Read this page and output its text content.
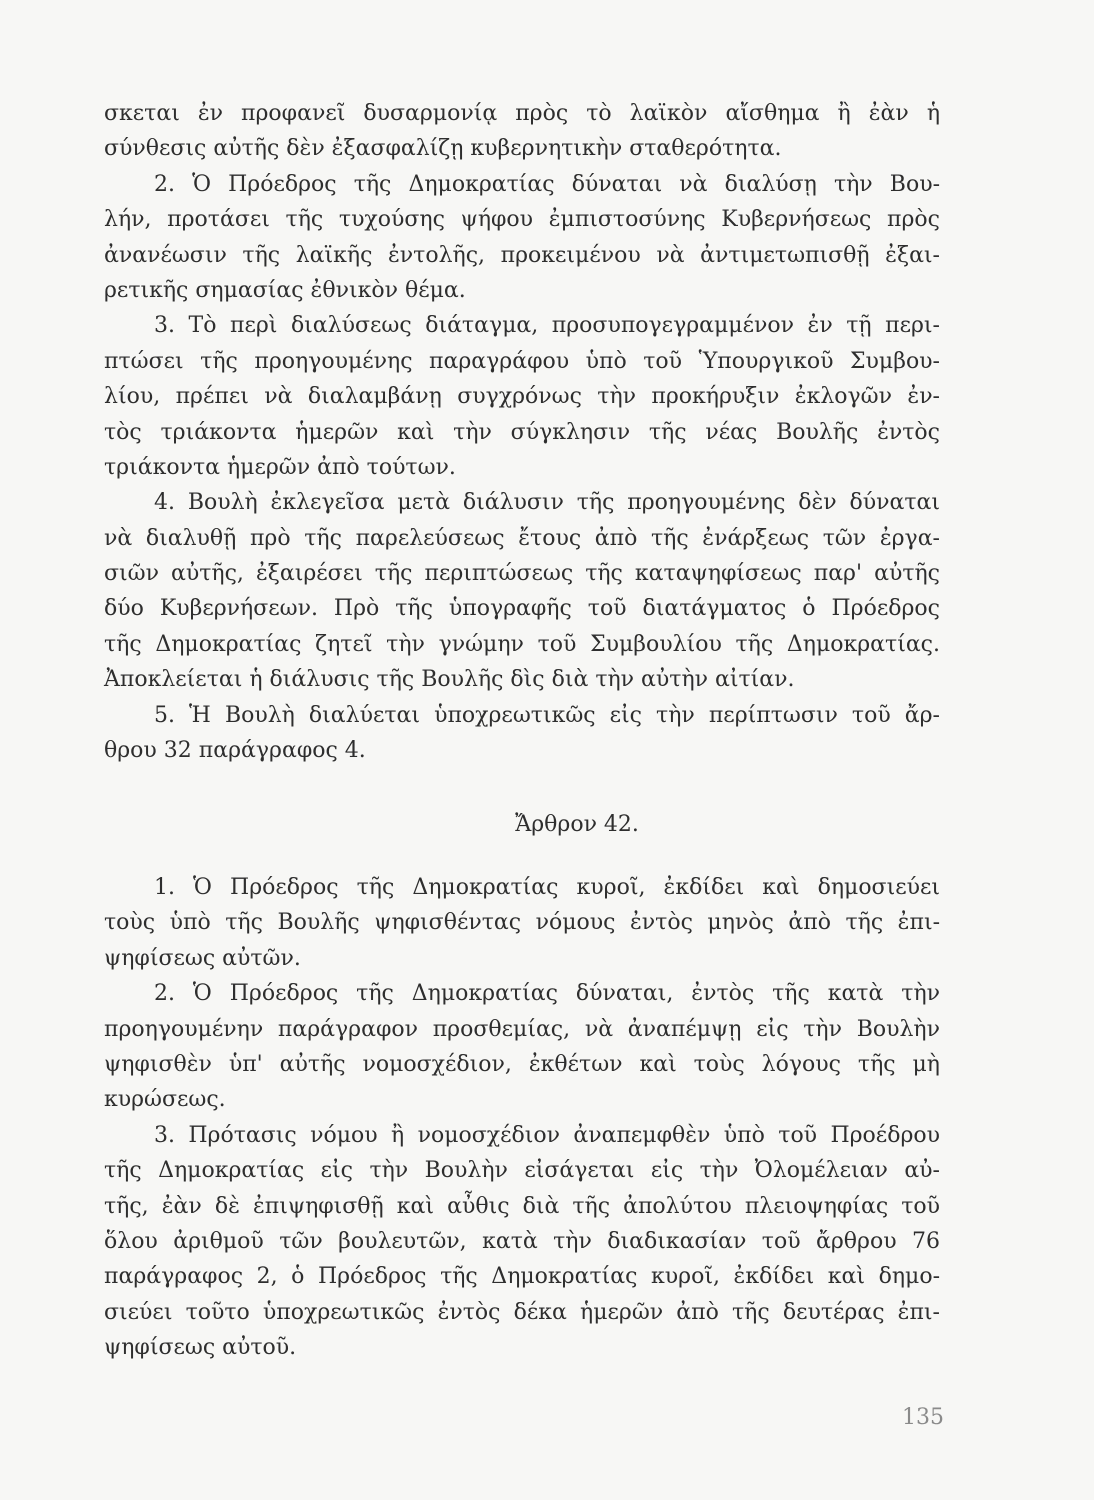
σκεται ἐν προφανεῖ δυσαρμονίᾳ πρὸς τὸ λαϊκὸν αἴσθημα ἢ ἐὰν ἡ
σύνθεσις αὐτῆς δὲν ἐξασφαλίζῃ κυβερνητικὴν σταθερότητα.
2. Ὁ Πρόεδρος τῆς Δημοκρατίας δύναται νὰ διαλύσῃ τὴν Βου-
λήν, προτάσει τῆς τυχούσης ψήφου ἐμπιστοσύνης Κυβερνήσεως πρὸς
ἀνανέωσιν τῆς λαϊκῆς ἐντολῆς, προκειμένου νὰ ἀντιμετωπισθῇ ἐξαι-
ρετικῆς σημασίας ἐθνικὸν θέμα.
3. Τὸ περὶ διαλύσεως διάταγμα, προσυπογεγραμμένον ἐν τῇ περι-
πτώσει τῆς προηγουμένης παραγράφου ὑπὸ τοῦ Ὑπουργικοῦ Συμβου-
λίου, πρέπει νὰ διαλαμβάνῃ συγχρόνως τὴν προκήρυξιν ἐκλογῶν ἐν-
τὸς τριάκοντα ἡμερῶν καὶ τὴν σύγκλησιν τῆς νέας Βουλῆς ἐντὸς
τριάκοντα ἡμερῶν ἀπὸ τούτων.
4. Βουλὴ ἐκλεγεῖσα μετὰ διάλυσιν τῆς προηγουμένης δὲν δύναται
νὰ διαλυθῇ πρὸ τῆς παρελεύσεως ἔτους ἀπὸ τῆς ἐνάρξεως τῶν ἐργα-
σιῶν αὐτῆς, ἐξαιρέσει τῆς περιπτώσεως τῆς καταψηφίσεως παρ' αὐτῆς
δύο Κυβερνήσεων. Πρὸ τῆς ὑπογραφῆς τοῦ διατάγματος ὁ Πρόεδρος
τῆς Δημοκρατίας ζητεῖ τὴν γνώμην τοῦ Συμβουλίου τῆς Δημοκρατίας.
Ἀποκλείεται ἡ διάλυσις τῆς Βουλῆς δὶς διὰ τὴν αὐτὴν αἰτίαν.
5. Ἡ Βουλὴ διαλύεται ὑποχρεωτικῶς εἰς τὴν περίπτωσιν τοῦ ἄρ-
θρου 32 παράγραφος 4.
Ἄρθρον 42.
1. Ὁ Πρόεδρος τῆς Δημοκρατίας κυροῖ, ἐκδίδει καὶ δημοσιεύει
τοὺς ὑπὸ τῆς Βουλῆς ψηφισθέντας νόμους ἐντὸς μηνὸς ἀπὸ τῆς ἐπι-
ψηφίσεως αὐτῶν.
2. Ὁ Πρόεδρος τῆς Δημοκρατίας δύναται, ἐντὸς τῆς κατὰ τὴν
προηγουμένην παράγραφον προσθεμίας, νὰ ἀναπέμψῃ εἰς τὴν Βουλὴν
ψηφισθὲν ὑπ' αὐτῆς νομοσχέδιον, ἐκθέτων καὶ τοὺς λόγους τῆς μὴ
κυρώσεως.
3. Πρότασις νόμου ἢ νομοσχέδιον ἀναπεμφθὲν ὑπὸ τοῦ Προέδρου
τῆς Δημοκρατίας εἰς τὴν Βουλὴν εἰσάγεται εἰς τὴν Ὀλομέλειαν αὐ-
τῆς, ἐὰν δὲ ἐπιψηφισθῇ καὶ αὖθις διὰ τῆς ἀπολύτου πλειοψηφίας τοῦ
ὅλου ἀριθμοῦ τῶν βουλευτῶν, κατὰ τὴν διαδικασίαν τοῦ ἄρθρου 76
παράγραφος 2, ὁ Πρόεδρος τῆς Δημοκρατίας κυροῖ, ἐκδίδει καὶ δημο-
σιεύει τοῦτο ὑποχρεωτικῶς ἐντὸς δέκα ἡμερῶν ἀπὸ τῆς δευτέρας ἐπι-
ψηφίσεως αὐτοῦ.
135
